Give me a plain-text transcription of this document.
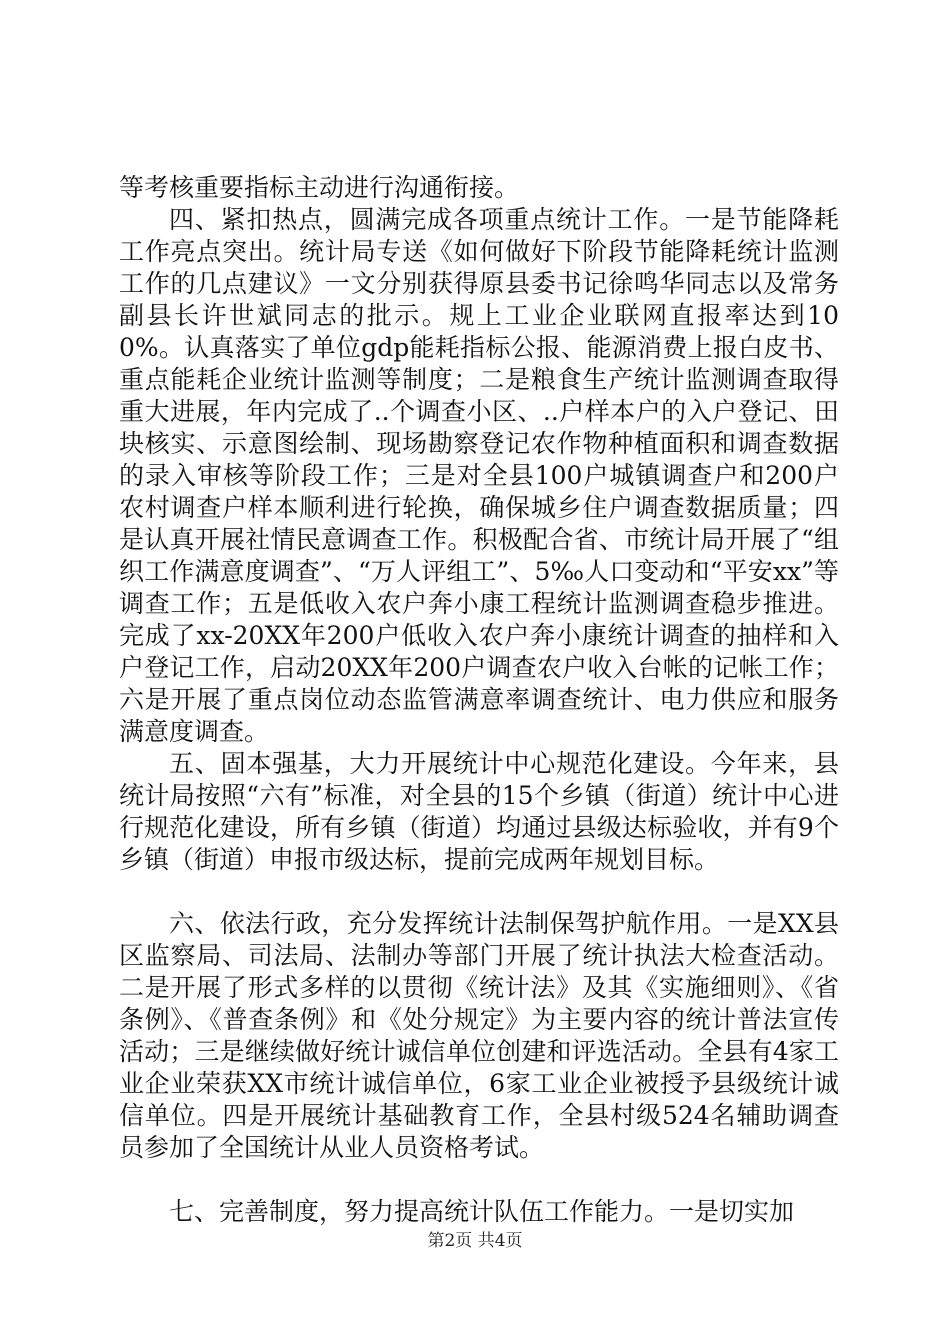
等考核重要指标主动进行沟通衔接。

四、紧扣热点，圆满完成各项重点统计工作。一是节能降耗工作亮点突出。统计局专送《如何做好下阶段节能降耗统计监测工作的几点建议》一文分别获得原县委书记徐鸣华同志以及常务副县长许世斌同志的批示。规上工业企业联网直报率达到100%。认真落实了单位gdp能耗指标公报、能源消费上报白皮书、重点能耗企业统计监测等制度；二是粮食生产统计监测调查取得重大进展，年内完成了..个调查小区、..户样本户的入户登记、田块核实、示意图绘制、现场勘察登记农作物种植面积和调查数据的录入审核等阶段工作；三是对全县100户城镇调查户和200户农村调查户样本顺利进行轮换，确保城乡住户调查数据质量；四是认真开展社情民意调查工作。积极配合省、市统计局开展了“组织工作满意度调查”、“万人评组工”、5‰人口变动和“平安xx”等调查工作；五是低收入农户奔小康工程统计监测调查稳步推进。完成了xx-20XX年200户低收入农户奔小康统计调查的抽样和入户登记工作，启动20XX年200户调查农户收入台帐的记帐工作；六是开展了重点岗位动态监管满意率调查统计、电力供应和服务满意度调查。

五、固本强基，大力开展统计中心规范化建设。今年来，县统计局按照“六有”标准，对全县的15个乡镇（街道）统计中心进行规范化建设，所有乡镇（街道）均通过县级达标验收，并有9个乡镇（街道）申报市级达标，提前完成两年规划目标。

六、依法行政，充分发挥统计法制保驾护航作用。一是XX县区监察局、司法局、法制办等部门开展了统计执法大检查活动。二是开展了形式多样的以贯彻《统计法》及其《实施细则》、《省条例》、《普查条例》和《处分规定》为主要内容的统计普法宣传活动；三是继续做好统计诚信单位创建和评选活动。全县有4家工业企业荣获XX市统计诚信单位，6家工业企业被授予县级统计诚信单位。四是开展统计基础教育工作，全县村级524名辅助调查员参加了全国统计从业人员资格考试。

七、完善制度，努力提高统计队伍工作能力。一是切实加

第2页 共4页
